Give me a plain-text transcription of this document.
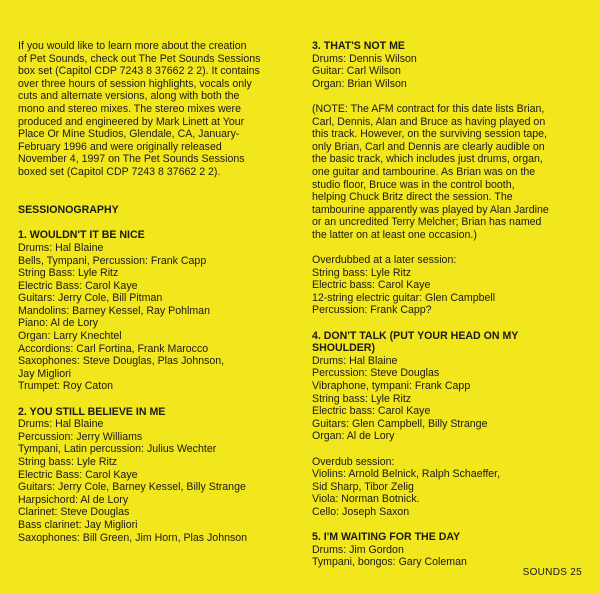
If you would like to learn more about the creation
of Pet Sounds, check out The Pet Sounds Sessions
box set (Capitol CDP 7243 8 37662 2 2). It contains
over three hours of session highlights, vocals only
cuts and alternate versions, along with both the
mono and stereo mixes. The stereo mixes were
produced and engineered by Mark Linett at Your
Place Or Mine Studios, Glendale, CA, January-
February 1996 and were originally released
November 4, 1997 on The Pet Sounds Sessions
boxed set (Capitol CDP 7243 8 37662 2 2).
SESSIONOGRAPHY
1. WOULDN'T IT BE NICE
Drums: Hal Blaine
Bells, Tympani, Percussion: Frank Capp
String Bass: Lyle Ritz
Electric Bass: Carol Kaye
Guitars: Jerry Cole, Bill Pitman
Mandolins: Barney Kessel, Ray Pohlman
Piano: Al de Lory
Organ: Larry Knechtel
Accordions: Carl Fortina, Frank Marocco
Saxophones: Steve Douglas, Plas Johnson,
Jay Migliori
Trumpet: Roy Caton
2. YOU STILL BELIEVE IN ME
Drums: Hal Blaine
Percussion: Jerry Williams
Tympani, Latin percussion: Julius Wechter
String bass: Lyle Ritz
Electric Bass: Carol Kaye
Guitars: Jerry Cole, Barney Kessel, Billy Strange
Harpsichord: Al de Lory
Clarinet: Steve Douglas
Bass clarinet: Jay Migliori
Saxophones: Bill Green, Jim Horn, Plas Johnson
3. THAT'S NOT ME
Drums: Dennis Wilson
Guitar: Carl Wilson
Organ: Brian Wilson
(NOTE: The AFM contract for this date lists Brian,
Carl, Dennis, Alan and Bruce as having played on
this track. However, on the surviving session tape,
only Brian, Carl and Dennis are clearly audible on
the basic track, which includes just drums, organ,
one guitar and tambourine. As Brian was on the
studio floor, Bruce was in the control booth,
helping Chuck Britz direct the session. The
tambourine apparently was played by Alan Jardine
or an uncredited Terry Melcher; Brian has named
the latter on at least one occasion.)
Overdubbed at a later session:
String bass: Lyle Ritz
Electric bass: Carol Kaye
12-string electric guitar: Glen Campbell
Percussion: Frank Capp?
4. DON'T TALK (PUT YOUR HEAD ON MY
SHOULDER)
Drums: Hal Blaine
Percussion: Steve Douglas
Vibraphone, tympani: Frank Capp
String bass: Lyle Ritz
Electric bass: Carol Kaye
Guitars: Glen Campbell, Billy Strange
Organ: Al de Lory
Overdub session:
Violins: Arnold Belnick, Ralph Schaeffer,
Sid Sharp, Tibor Zelig
Viola: Norman Botnick.
Cello: Joseph Saxon
5. I'M WAITING FOR THE DAY
Drums: Jim Gordon
Tympani, bongos: Gary Coleman
SOUNDS 25
